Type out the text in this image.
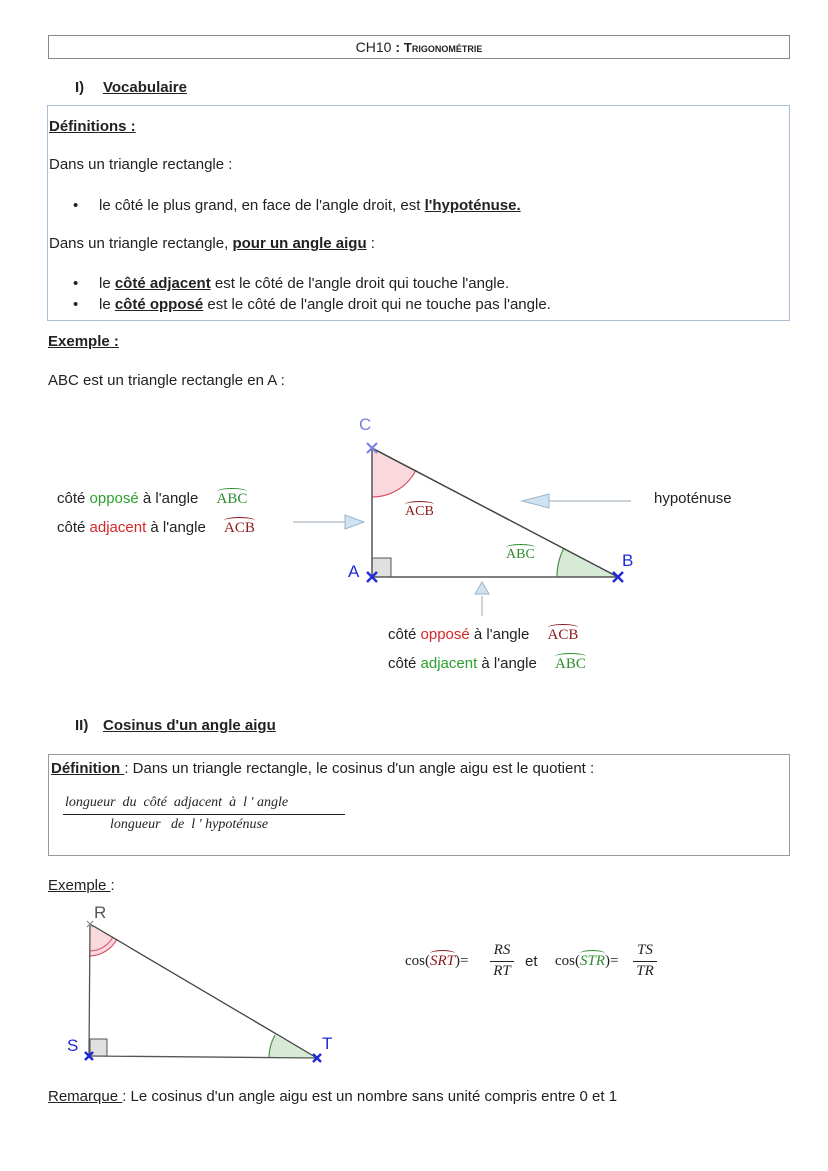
CH10 : Trigonométrie
I) Vocabulaire
Définitions :
Dans un triangle rectangle :
• le côté le plus grand, en face de l'angle droit, est l'hypoténuse.
Dans un triangle rectangle, pour un angle aigu :
• le côté adjacent est le côté de l'angle droit qui touche l'angle.
• le côté opposé est le côté de l'angle droit qui ne touche pas l'angle.
Exemple :
ABC est un triangle rectangle en A :
C
A
B
ACB
ABC
côté opposé à l'angle ABC
côté adjacent à l'angle ACB
hypoténuse
côté opposé à l'angle ACB
côté adjacent à l'angle ABC
II) Cosinus d'un angle aigu
Définition : Dans un triangle rectangle, le cosinus d'un angle aigu est le quotient :
longueur  du  côté  adjacent  à  l ' angle
longueur   de  l ' hypoténuse
Exemple :
R
S	T
cos(SRT)=
RS
RT
et cos(STR)=
TS
TR
Remarque : Le cosinus d'un angle aigu est un nombre sans unité compris entre 0 et 1
